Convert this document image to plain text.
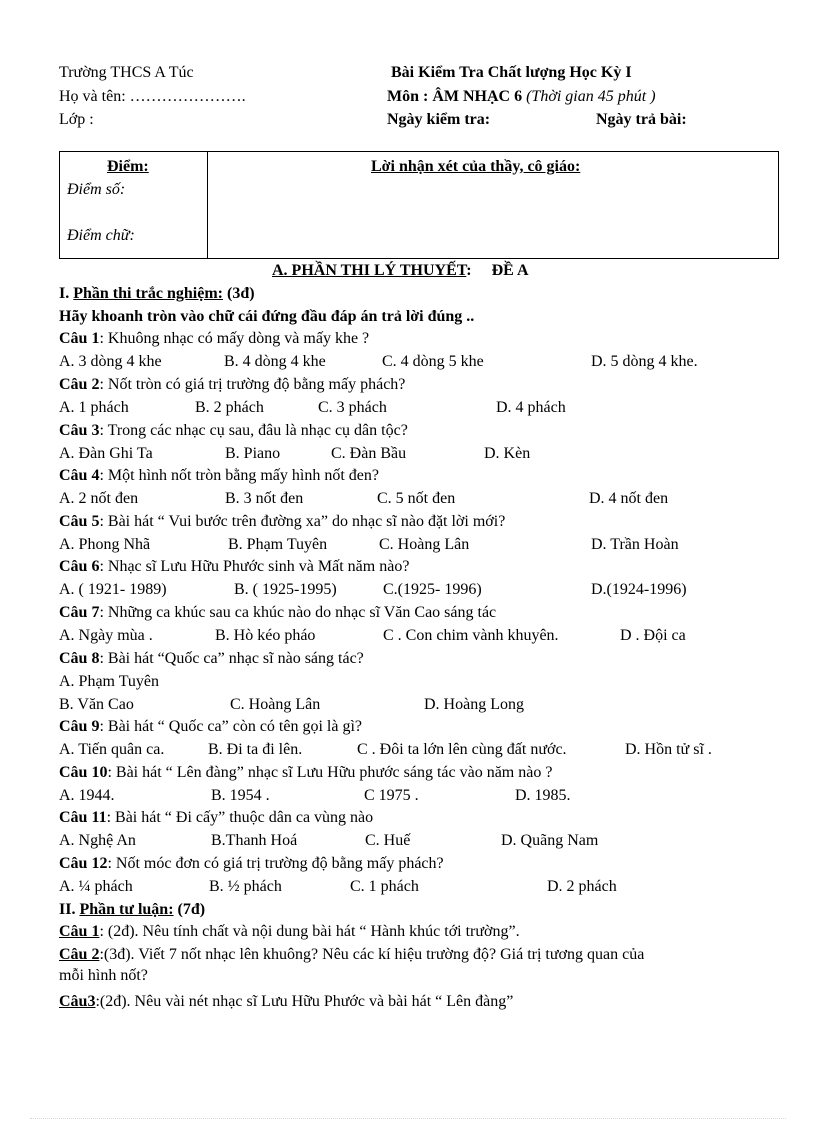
Trường THCS A Túc
Họ và tên: ………………….
Lớp :
Bài Kiểm Tra Chất lượng Học Kỳ I
Môn : ÂM NHẠC 6 (Thời gian 45 phút )
Ngày kiểm tra:	Ngày trả bài:
Điểm:
Điểm số:
Điểm chữ:
Lời nhận xét của thầy, cô giáo:
A. PHẦN THI LÝ THUYẾT: ĐỀ A
I. Phần thi trắc nghiệm: (3đ)
Hãy khoanh tròn vào chữ cái đứng đầu đáp án trả lời đúng ..
Câu 1: Khuông nhạc có mấy dòng và mấy khe ?
A. 3 dòng 4 khe	B. 4 dòng 4 khe	C. 4 dòng 5 khe	D. 5 dòng 4 khe.
Câu 2: Nốt tròn có giá trị trường độ bằng mấy phách?
A. 1 phách	B. 2 phách	C. 3 phách	D. 4 phách
Câu 3: Trong các nhạc cụ sau, đâu là nhạc cụ dân tộc?
A. Đàn Ghi Ta	B. Piano	C. Đàn Bầu	D. Kèn
Câu 4: Một hình nốt tròn bằng mấy hình nốt đen?
A. 2 nốt đen	B. 3 nốt đen	C. 5 nốt đen	D. 4 nốt đen
Câu 5: Bài hát “ Vui bước trên đường xa” do nhạc sĩ nào đặt lời mới?
A. Phong Nhã	B. Phạm Tuyên	C. Hoàng Lân	D. Trần Hoàn
Câu 6: Nhạc sĩ Lưu Hữu Phước sinh và Mất năm nào?
A. ( 1921- 1989)	B. ( 1925-1995)	C.(1925- 1996)	D.(1924-1996)
Câu 7: Những ca khúc sau ca khúc nào do nhạc sĩ Văn Cao sáng tác
A. Ngày mùa .	B. Hò kéo pháo	C . Con chim vành khuyên.	D . Đội ca
Câu 8: Bài hát “Quốc ca” nhạc sĩ nào sáng tác?
A. Phạm Tuyên
B. Văn Cao	C. Hoàng Lân	D. Hoàng Long
Câu 9: Bài hát “ Quốc ca” còn có tên gọi là gì?
A. Tiến quân ca.	B. Đi ta đi lên.	C . Đôi ta lớn lên cùng đất nước.	D. Hồn tử sĩ .
Câu 10: Bài hát “ Lên đàng” nhạc sĩ Lưu Hữu phước sáng tác vào năm nào ?
A. 1944.	B. 1954 .	C 1975 .	D. 1985.
Câu 11: Bài hát “ Đi cấy” thuộc dân ca vùng nào
A. Nghệ An	B.Thanh Hoá	C. Huế	D. Quãng Nam
Câu 12: Nốt móc đơn có giá trị trường độ bằng mấy phách?
A. ¼ phách	B. ½ phách	C. 1 phách	D. 2 phách
II. Phần tư luận: (7đ)
Câu 1: (2đ). Nêu tính chất và nội dung bài hát “ Hành khúc tới trường”.
Câu 2:(3đ). Viết 7 nốt nhạc lên khuông? Nêu các kí hiệu trường độ? Giá trị tương quan của
mỗi hình nốt?
Câu3:(2đ). Nêu vài nét nhạc sĩ Lưu Hữu Phước và bài hát “ Lên đàng”
